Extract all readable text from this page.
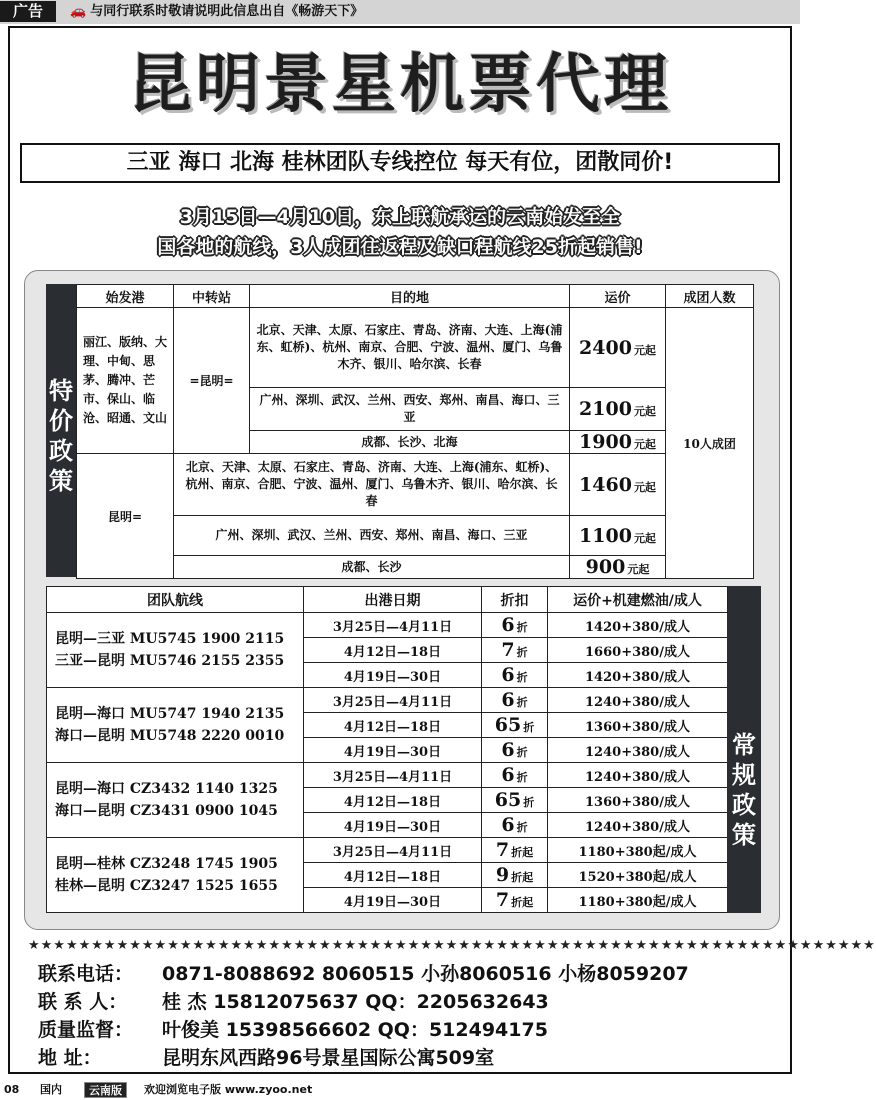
广告	🚗 与同行联系时敬请说明此信息出自《畅游天下》
昆明景星机票代理
三亚 海口 北海 桂林团队专线控位 每天有位，团散同价!
3月15日—4月10日，东上联航承运的云南始发至全
国各地的航线，3人成团往返程及缺口程航线25折起销售!
特价政策
始发港	中转站	目的地	运价	成团人数
丽江、版纳、大理、中甸、思茅、腾冲、芒市、保山、临沧、昭通、文山	=昆明=	北京、天津、太原、石家庄、青岛、济南、大连、上海(浦东、虹桥)、杭州、南京、合肥、宁波、温州、厦门、乌鲁木齐、银川、哈尔滨、长春	2400 元起	10人成团
		广州、深圳、武汉、兰州、西安、郑州、南昌、海口、三亚	2100 元起	
		成都、长沙、北海	1900 元起	
昆明=	北京、天津、太原、石家庄、青岛、济南、大连、上海(浦东、虹桥)、杭州、南京、合肥、宁波、温州、厦门、乌鲁木齐、银川、哈尔滨、长春		1460 元起	
	广州、深圳、武汉、兰州、西安、郑州、南昌、海口、三亚		1100 元起	
	成都、长沙		900 元起	
团队航线	出港日期	折扣	运价+机建燃油/成人	常规政策

昆明—三亚 MU5745 1900 2115
三亚—昆明 MU5746 2155 2355	3月25日—4月11日	6 折	1420+380/成人	
	4月12日—18日	7 折	1660+380/成人	
	4月19日—30日	6 折	1420+380/成人	

昆明—海口 MU5747 1940 2135
海口—昆明 MU5748 2220 0010	3月25日—4月11日	6 折	1240+380/成人	
	4月12日—18日	65 折	1360+380/成人	
	4月19日—30日	6 折	1240+380/成人	

昆明—海口 CZ3432 1140 1325
海口—昆明 CZ3431 0900 1045	3月25日—4月11日	6 折	1240+380/成人	
	4月12日—18日	65 折	1360+380/成人	
	4月19日—30日	6 折	1240+380/成人	

昆明—桂林 CZ3248 1745 1905
桂林—昆明 CZ3247 1525 1655	3月25日—4月11日	7 折起	1180+380起/成人	
	4月12日—18日	9 折起	1520+380起/成人	
	4月19日—30日	7 折起	1180+380起/成人	
★★★★★★★★★★★★★★★★★★★★★★★★★★★★★★★★★★★★★★★★★★★★★★★★★★★★★★★★★★★★★★★★★★★
联系电话： 0871-8088692 8060515 小孙8060516 小杨8059207
联 系 人： 桂 杰 15812075637 QQ：2205632643
质量监督： 叶俊美 15398566602 QQ：512494175
地 址：	昆明东风西路96号景星国际公寓509室
08 国内	云南版	欢迎浏览电子版 www.zyoo.net
